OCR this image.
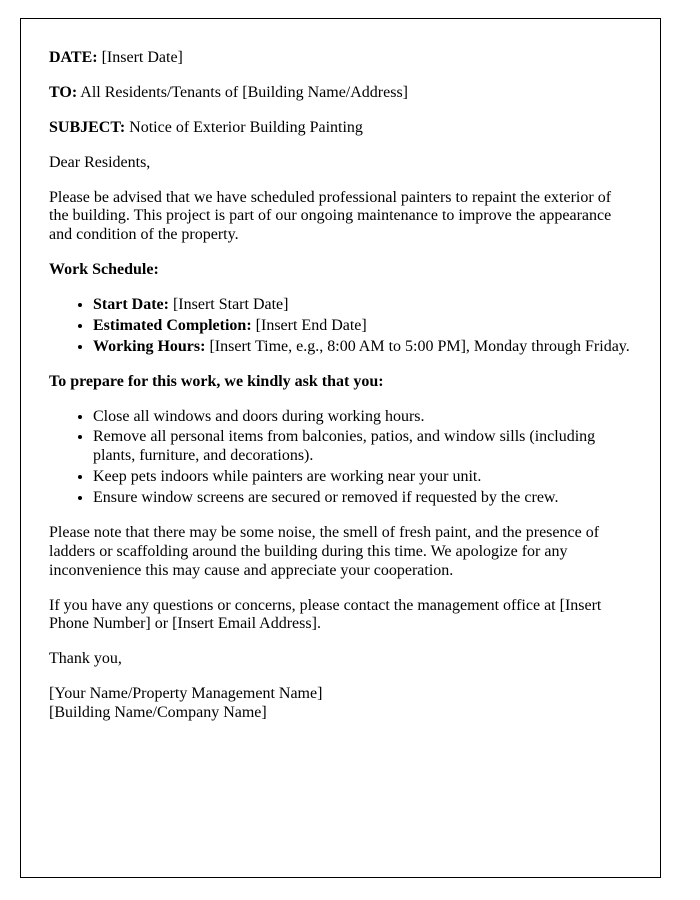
DATE: [Insert Date]

TO: All Residents/Tenants of [Building Name/Address]

SUBJECT: Notice of Exterior Building Painting

Dear Residents,

Please be advised that we have scheduled professional painters to repaint the exterior of the building. This project is part of our ongoing maintenance to improve the appearance and condition of the property.

Work Schedule:

• Start Date: [Insert Start Date]
• Estimated Completion: [Insert End Date]
• Working Hours: [Insert Time, e.g., 8:00 AM to 5:00 PM], Monday through Friday.

To prepare for this work, we kindly ask that you:

• Close all windows and doors during working hours.
• Remove all personal items from balconies, patios, and window sills (including plants, furniture, and decorations).
• Keep pets indoors while painters are working near your unit.
• Ensure window screens are secured or removed if requested by the crew.

Please note that there may be some noise, the smell of fresh paint, and the presence of ladders or scaffolding around the building during this time. We apologize for any inconvenience this may cause and appreciate your cooperation.

If you have any questions or concerns, please contact the management office at [Insert Phone Number] or [Insert Email Address].

Thank you,

[Your Name/Property Management Name]
[Building Name/Company Name]
